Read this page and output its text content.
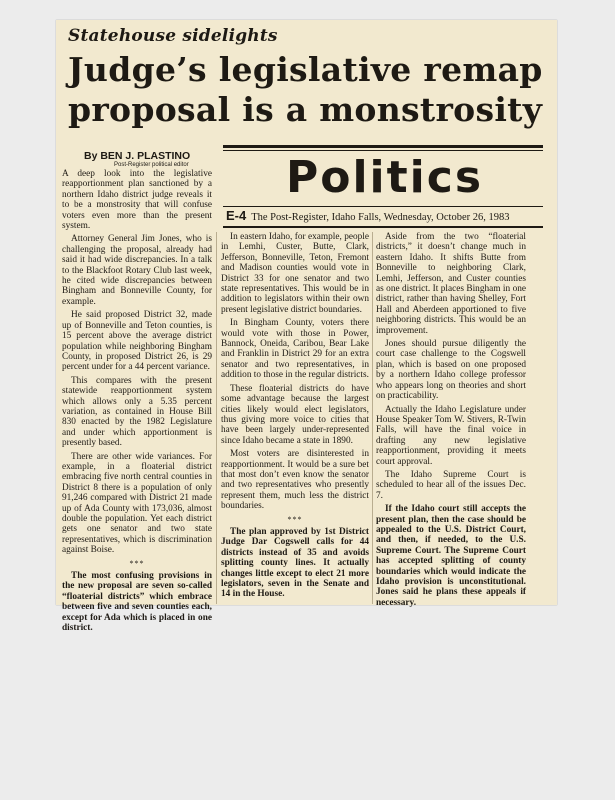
Statehouse sidelights
Judge’s legislative remap
proposal is a monstrosity
By BEN J. PLASTINO
Post-Register political editor Politics
E-4 The Post-Register, Idaho Falls, Wednesday, October 26, 1983

A deep look into the legislative reapportionment plan sanctioned by a northern Idaho district judge reveals it to be a monstrosity that will confuse voters even more than the present system.

Attorney General Jim Jones, who is challenging the proposal, already had said it had wide discrepancies. In a talk to the Blackfoot Rotary Club last week, he cited wide discrepancies between Bingham and Bonneville County, for example.

He said proposed District 32, made up of Bonneville and Teton counties, is 15 percent above the average district population while neighboring Bingham County, in proposed District 26, is 29 percent under for a 44 percent variance.

This compares with the present statewide reapportionment system which allows only a 5.35 percent variation, as contained in House Bill 830 enacted by the 1982 Legislature and under which apportionment is presently based.

There are other wide variances. For example, in a floaterial district embracing five north central counties in District 8 there is a population of only 91,246 compared with District 21 made up of Ada County with 173,036, almost double the population. Yet each district gets one senator and two state representatives, which is discrimination against Boise.

***

The most confusing provisions in the new proposal are seven so-called “floaterial districts” which embrace between five and seven counties each, except for Ada which is placed in one district.

In eastern Idaho, for example, people in Lemhi, Custer, Butte, Clark, Jefferson, Bonneville, Teton, Fremont and Madison counties would vote in District 33 for one senator and two state representatives. This would be in addition to legislators within their own present legislative district boundaries.

In Bingham County, voters there would vote with those in Power, Bannock, Oneida, Caribou, Bear Lake and Franklin in District 29 for an extra senator and two representatives, in addition to those in the regular districts.

These floaterial districts do have some advantage because the largest cities likely would elect legislators, thus giving more voice to cities that have been largely under-represented since Idaho became a state in 1890.

Most voters are disinterested in reapportionment. It would be a sure bet that most don’t even know the senator and two representatives who presently represent them, much less the district boundaries.

***

The plan approved by 1st District Judge Dar Cogswell calls for 44 districts instead of 35 and avoids splitting county lines. It actually changes little except to elect 21 more legislators, seven in the Senate and 14 in the House.

Aside from the two “floaterial districts,” it doesn’t change much in eastern Idaho. It shifts Butte from Bonneville to neighboring Clark, Lemhi, Jefferson, and Custer counties as one district. It places Bingham in one district, rather than having Shelley, Fort Hall and Aberdeen apportioned to five neighboring districts. This would be an improvement.

Jones should pursue diligently the court case challenge to the Cogswell plan, which is based on one proposed by a northern Idaho college professor who appears long on theories and short on practicability.

Actually the Idaho Legislature under House Speaker Tom W. Stivers, R-Twin Falls, will have the final voice in drafting any new legislative reapportionment, providing it meets court approval.

The Idaho Supreme Court is scheduled to hear all of the issues Dec. 7.

If the Idaho court still accepts the present plan, then the case should be appealed to the U.S. District Court, and then, if needed, to the U.S. Supreme Court. The Supreme Court has accepted splitting of county boundaries which would indicate the Idaho provision is unconstitutional. Jones said he plans these appeals if necessary.
